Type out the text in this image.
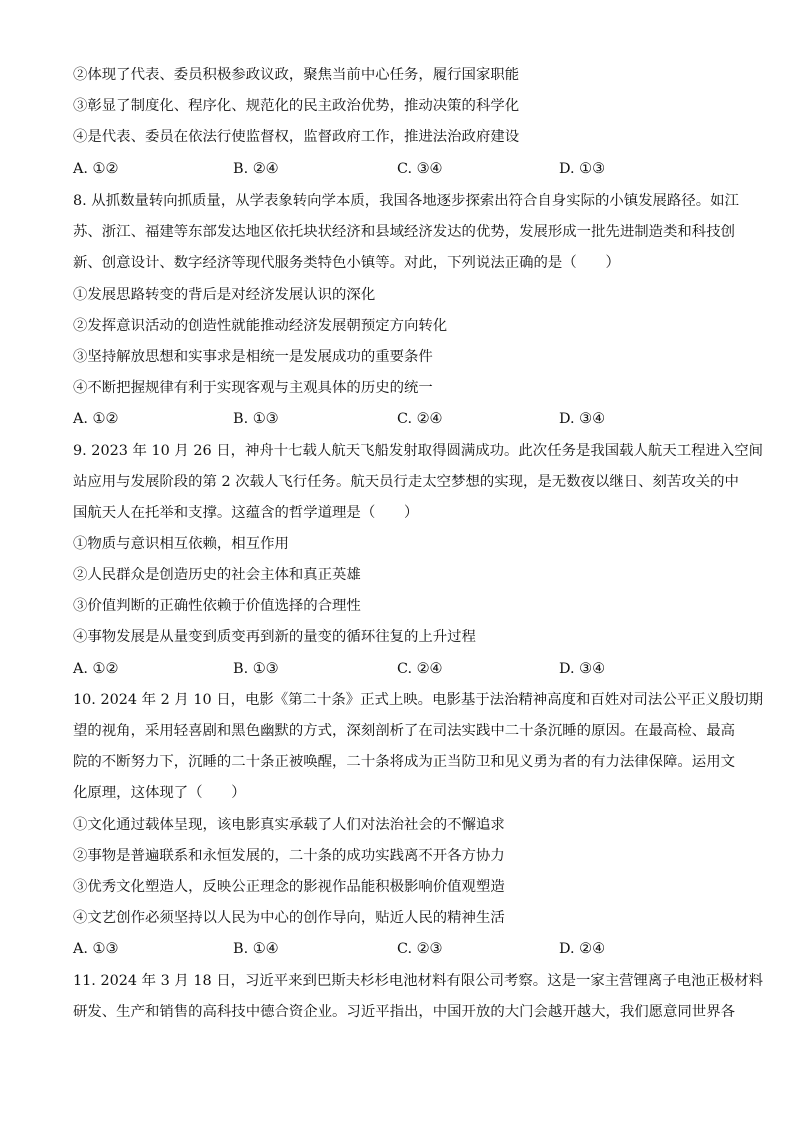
②体现了代表、委员积极参政议政，聚焦当前中心任务，履行国家职能

③彰显了制度化、程序化、规范化的民主政治优势，推动决策的科学化

④是代表、委员在依法行使监督权，监督政府工作，推进法治政府建设

A. ①②	B. ②④	C. ③④	D. ①③

8. 从抓数量转向抓质量，从学表象转向学本质，我国各地逐步探索出符合自身实际的小镇发展路径。如江

苏、浙江、福建等东部发达地区依托块状经济和县域经济发达的优势，发展形成一批先进制造类和科技创

新、创意设计、数字经济等现代服务类特色小镇等。对此，下列说法正确的是（　　）

①发展思路转变的背后是对经济发展认识的深化

②发挥意识活动的创造性就能推动经济发展朝预定方向转化

③坚持解放思想和实事求是相统一是发展成功的重要条件

④不断把握规律有利于实现客观与主观具体的历史的统一

A. ①②	B. ①③	C. ②④	D. ③④

9. 2023 年 10 月 26 日，神舟十七载人航天飞船发射取得圆满成功。此次任务是我国载人航天工程进入空间

站应用与发展阶段的第 2 次载人飞行任务。航天员行走太空梦想的实现，是无数夜以继日、刻苦攻关的中

国航天人在托举和支撑。这蕴含的哲学道理是（　　）

①物质与意识相互依赖，相互作用

②人民群众是创造历史的社会主体和真正英雄

③价值判断的正确性依赖于价值选择的合理性

④事物发展是从量变到质变再到新的量变的循环往复的上升过程

A. ①②	B. ①③	C. ②④	D. ③④

10. 2024 年 2 月 10 日，电影《第二十条》正式上映。电影基于法治精神高度和百姓对司法公平正义殷切期

望的视角，采用轻喜剧和黑色幽默的方式，深刻剖析了在司法实践中二十条沉睡的原因。在最高检、最高

院的不断努力下，沉睡的二十条正被唤醒，二十条将成为正当防卫和见义勇为者的有力法律保障。运用文

化原理，这体现了（　　）

①文化通过载体呈现，该电影真实承载了人们对法治社会的不懈追求

②事物是普遍联系和永恒发展的，二十条的成功实践离不开各方协力

③优秀文化塑造人，反映公正理念的影视作品能积极影响价值观塑造

④文艺创作必须坚持以人民为中心的创作导向，贴近人民的精神生活

A. ①③	B. ①④	C. ②③	D. ②④

11. 2024 年 3 月 18 日，习近平来到巴斯夫杉杉电池材料有限公司考察。这是一家主营锂离子电池正极材料

研发、生产和销售的高科技中德合资企业。习近平指出，中国开放的大门会越开越大，我们愿意同世界各
